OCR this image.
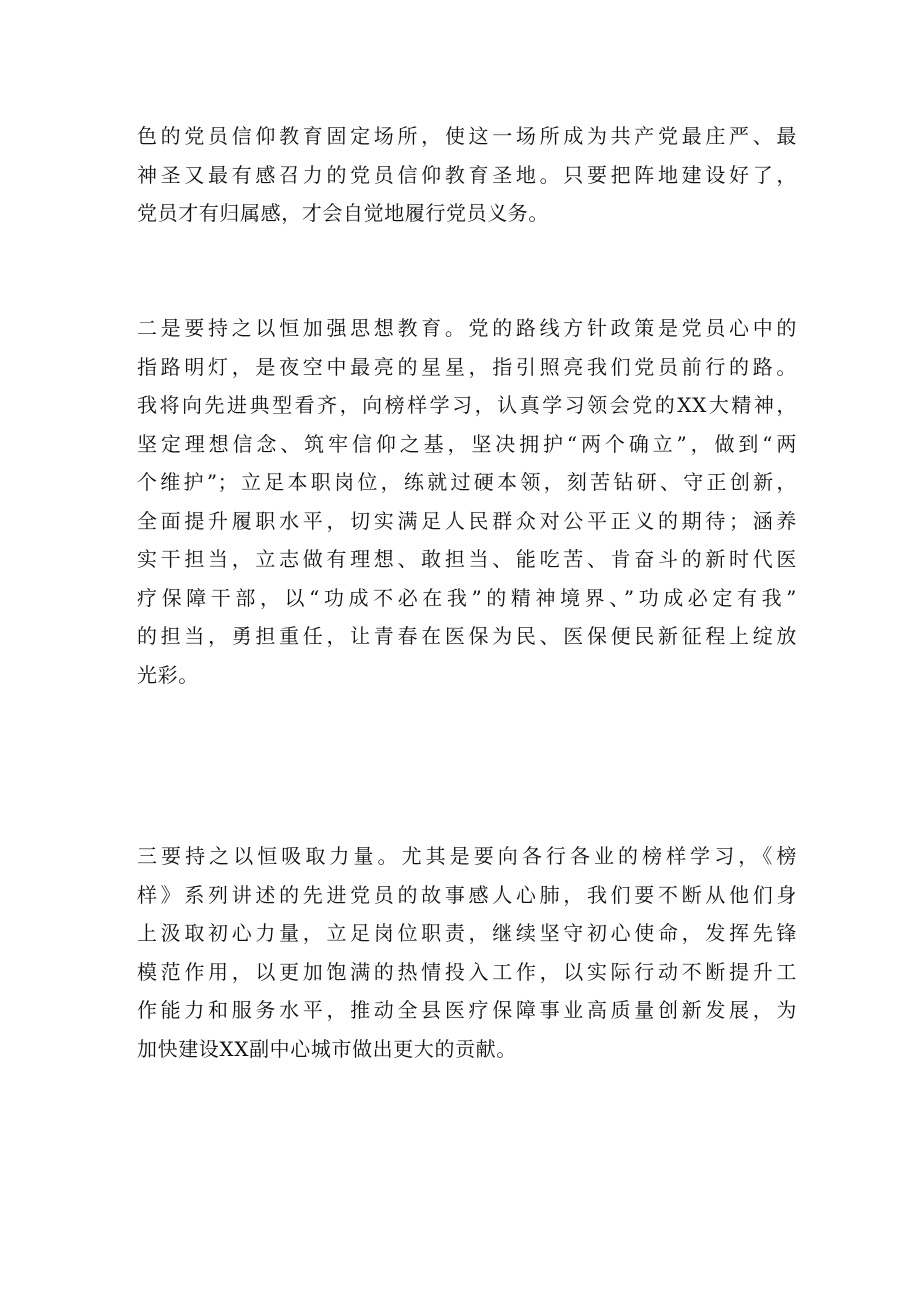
色的党员信仰教育固定场所，使这一场所成为共产党最庄严、最
神圣又最有感召力的党员信仰教育圣地。只要把阵地建设好了，
党员才有归属感，才会自觉地履行党员义务。
二是要持之以恒加强思想教育。党的路线方针政策是党员心中的
指路明灯，是夜空中最亮的星星，指引照亮我们党员前行的路。
我将向先进典型看齐，向榜样学习，认真学习领会党的XX大精神，
坚定理想信念、筑牢信仰之基，坚决拥护“两个确立”，做到“两
个维护”；立足本职岗位，练就过硬本领，刻苦钻研、守正创新，
全面提升履职水平，切实满足人民群众对公平正义的期待；涵养
实干担当，立志做有理想、敢担当、能吃苦、肯奋斗的新时代医
疗保障干部，以“功成不必在我”的精神境界、”功成必定有我”
的担当，勇担重任，让青春在医保为民、医保便民新征程上绽放
光彩。
三要持之以恒吸取力量。尤其是要向各行各业的榜样学习，《榜
样》系列讲述的先进党员的故事感人心肺，我们要不断从他们身
上汲取初心力量，立足岗位职责，继续坚守初心使命，发挥先锋
模范作用，以更加饱满的热情投入工作，以实际行动不断提升工
作能力和服务水平，推动全县医疗保障事业高质量创新发展，为
加快建设XX副中心城市做出更大的贡献。
